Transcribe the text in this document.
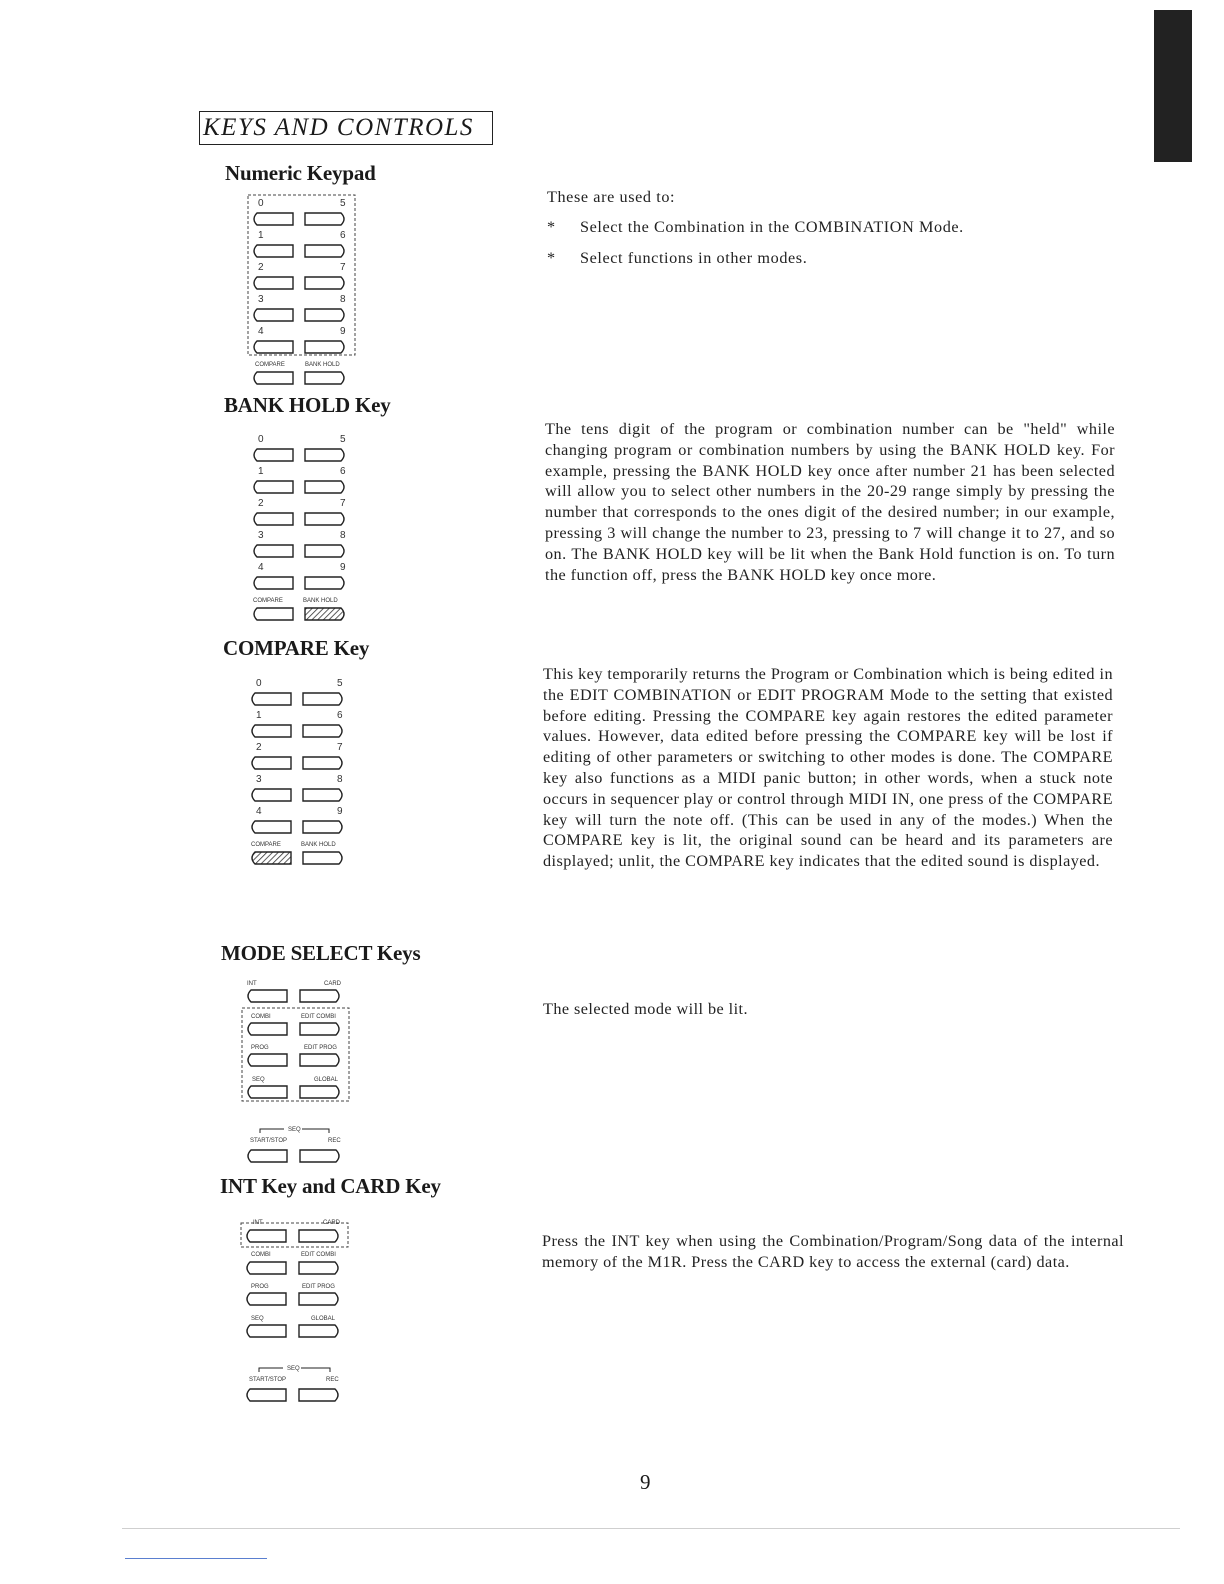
KEYS AND CONTROLS
Numeric Keypad
BANK HOLD Key
COMPARE Key
MODE SELECT Keys
INT Key and CARD Key
These are used to:
* Select the Combination in the COMBINATION Mode.
* Select functions in other modes.
The tens digit of the program or combination number can be "held" while changing program or combination numbers by using the BANK HOLD key. For example, pressing the BANK HOLD key once after number 21 has been selected will allow you to select other numbers in the 20-29 range simply by pressing the number that corresponds to the ones digit of the desired number; in our example, pressing 3 will change the number to 23, pressing to 7 will change it to 27, and so on. The BANK HOLD key will be lit when the Bank Hold function is on. To turn the function off, press the BANK HOLD key once more.
This key temporarily returns the Program or Combination which is being edited in the EDIT COMBINATION or EDIT PROGRAM Mode to the setting that existed before editing. Pressing the COMPARE key again restores the edited parameter values. However, data edited before pressing the COMPARE key will be lost if editing of other parameters or switching to other modes is done. The COMPARE key also functions as a MIDI panic button; in other words, when a stuck note occurs in sequencer play or control through MIDI IN, one press of the COMPARE key will turn the note off. (This can be used in any of the modes.) When the COMPARE key is lit, the original sound can be heard and its parameters are displayed; unlit, the COMPARE key indicates that the edited sound is displayed.
The selected mode will be lit.
Press the INT key when using the Combination/Program/Song data of the internal memory of the M1R. Press the CARD key to access the external (card) data.
0	5
1	6
2	7
3	8
4	9
COMPARE	BANK HOLD
0	5
1	6
2	7
3	8
4	9
COMPARE	BANK HOLD
0	5
1	6
2	7
3	8
4	9
COMPARE	BANK HOLD
INT	CARD
COMBI	EDIT COMBI
PROG	EDIT PROG
SEQ	GLOBAL
SEQ
START/STOP	REC
INT	CARD
COMBI	EDIT COMBI
PROG	EDIT PROG
SEQ	GLOBAL
SEQ
START/STOP	REC
9
